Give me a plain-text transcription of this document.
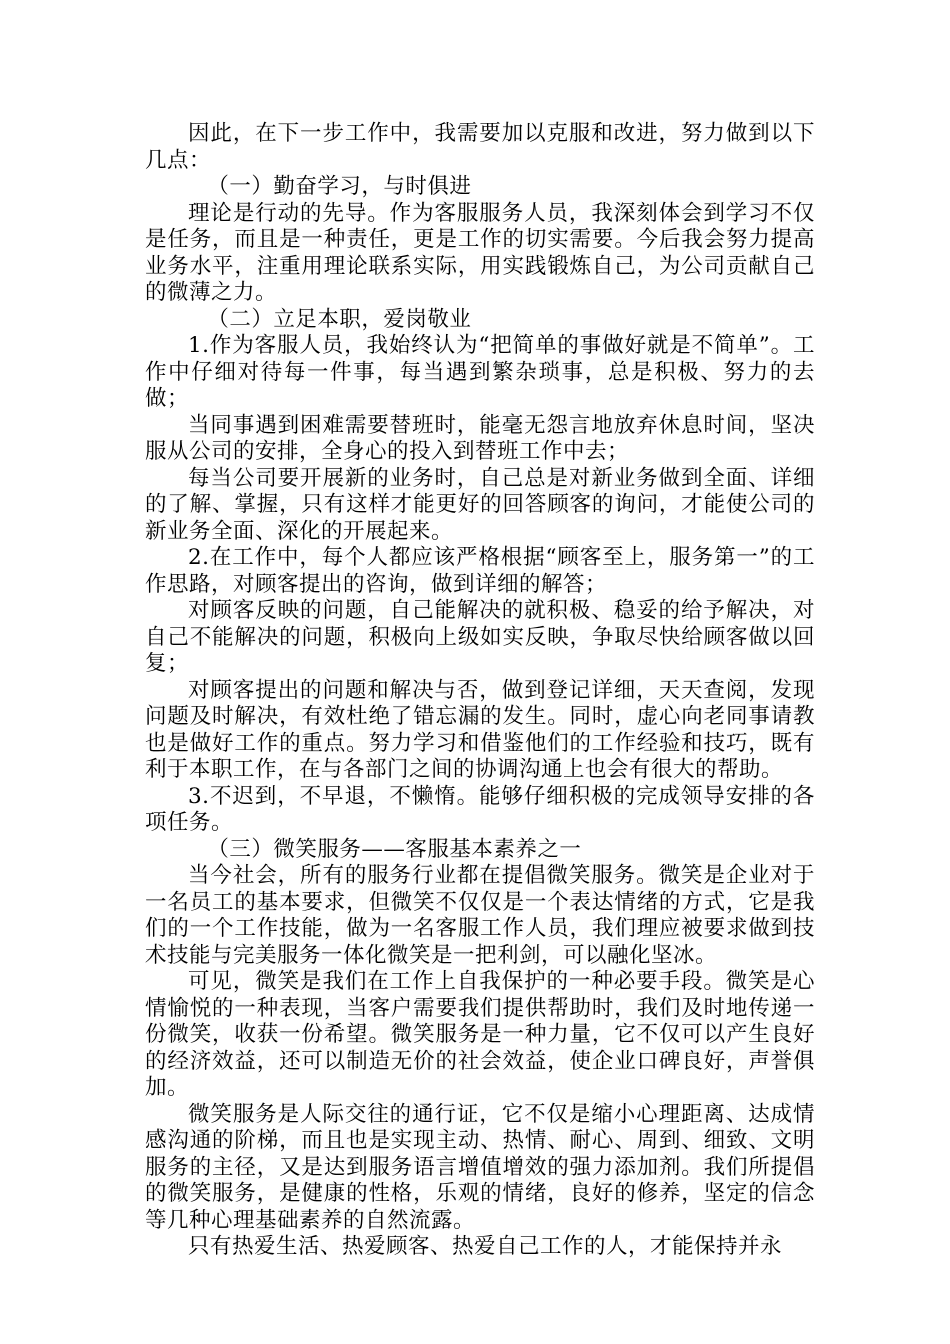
因此，在下一步工作中，我需要加以克服和改进，努力做到以下几点：

（一）勤奋学习，与时俱进

理论是行动的先导。作为客服服务人员，我深刻体会到学习不仅是任务，而且是一种责任，更是工作的切实需要。今后我会努力提高业务水平，注重用理论联系实际，用实践锻炼自己，为公司贡献自己的微薄之力。

（二）立足本职，爱岗敬业

1.作为客服人员，我始终认为“把简单的事做好就是不简单”。工作中仔细对待每一件事，每当遇到繁杂琐事，总是积极、努力的去做；

当同事遇到困难需要替班时，能毫无怨言地放弃休息时间，坚决服从公司的安排，全身心的投入到替班工作中去；

每当公司要开展新的业务时，自己总是对新业务做到全面、详细的了解、掌握，只有这样才能更好的回答顾客的询问，才能使公司的新业务全面、深化的开展起来。

2.在工作中，每个人都应该严格根据“顾客至上，服务第一”的工作思路，对顾客提出的咨询，做到详细的解答；

对顾客反映的问题，自己能解决的就积极、稳妥的给予解决，对自己不能解决的问题，积极向上级如实反映，争取尽快给顾客做以回复；

对顾客提出的问题和解决与否，做到登记详细，天天查阅，发现问题及时解决，有效杜绝了错忘漏的发生。同时，虚心向老同事请教也是做好工作的重点。努力学习和借鉴他们的工作经验和技巧，既有利于本职工作，在与各部门之间的协调沟通上也会有很大的帮助。

3.不迟到，不早退，不懒惰。能够仔细积极的完成领导安排的各项任务。

（三）微笑服务——客服基本素养之一

当今社会，所有的服务行业都在提倡微笑服务。微笑是企业对于一名员工的基本要求，但微笑不仅仅是一个表达情绪的方式，它是我们的一个工作技能，做为一名客服工作人员，我们理应被要求做到技术技能与完美服务一体化微笑是一把利剑，可以融化坚冰。

可见，微笑是我们在工作上自我保护的一种必要手段。微笑是心情愉悦的一种表现，当客户需要我们提供帮助时，我们及时地传递一份微笑，收获一份希望。微笑服务是一种力量，它不仅可以产生良好的经济效益，还可以制造无价的社会效益，使企业口碑良好，声誉俱加。

微笑服务是人际交往的通行证，它不仅是缩小心理距离、达成情感沟通的阶梯，而且也是实现主动、热情、耐心、周到、细致、文明服务的主径，又是达到服务语言增值增效的强力添加剂。我们所提倡的微笑服务，是健康的性格，乐观的情绪，良好的修养，坚定的信念等几种心理基础素养的自然流露。

只有热爱生活、热爱顾客、热爱自己工作的人，才能保持并永
